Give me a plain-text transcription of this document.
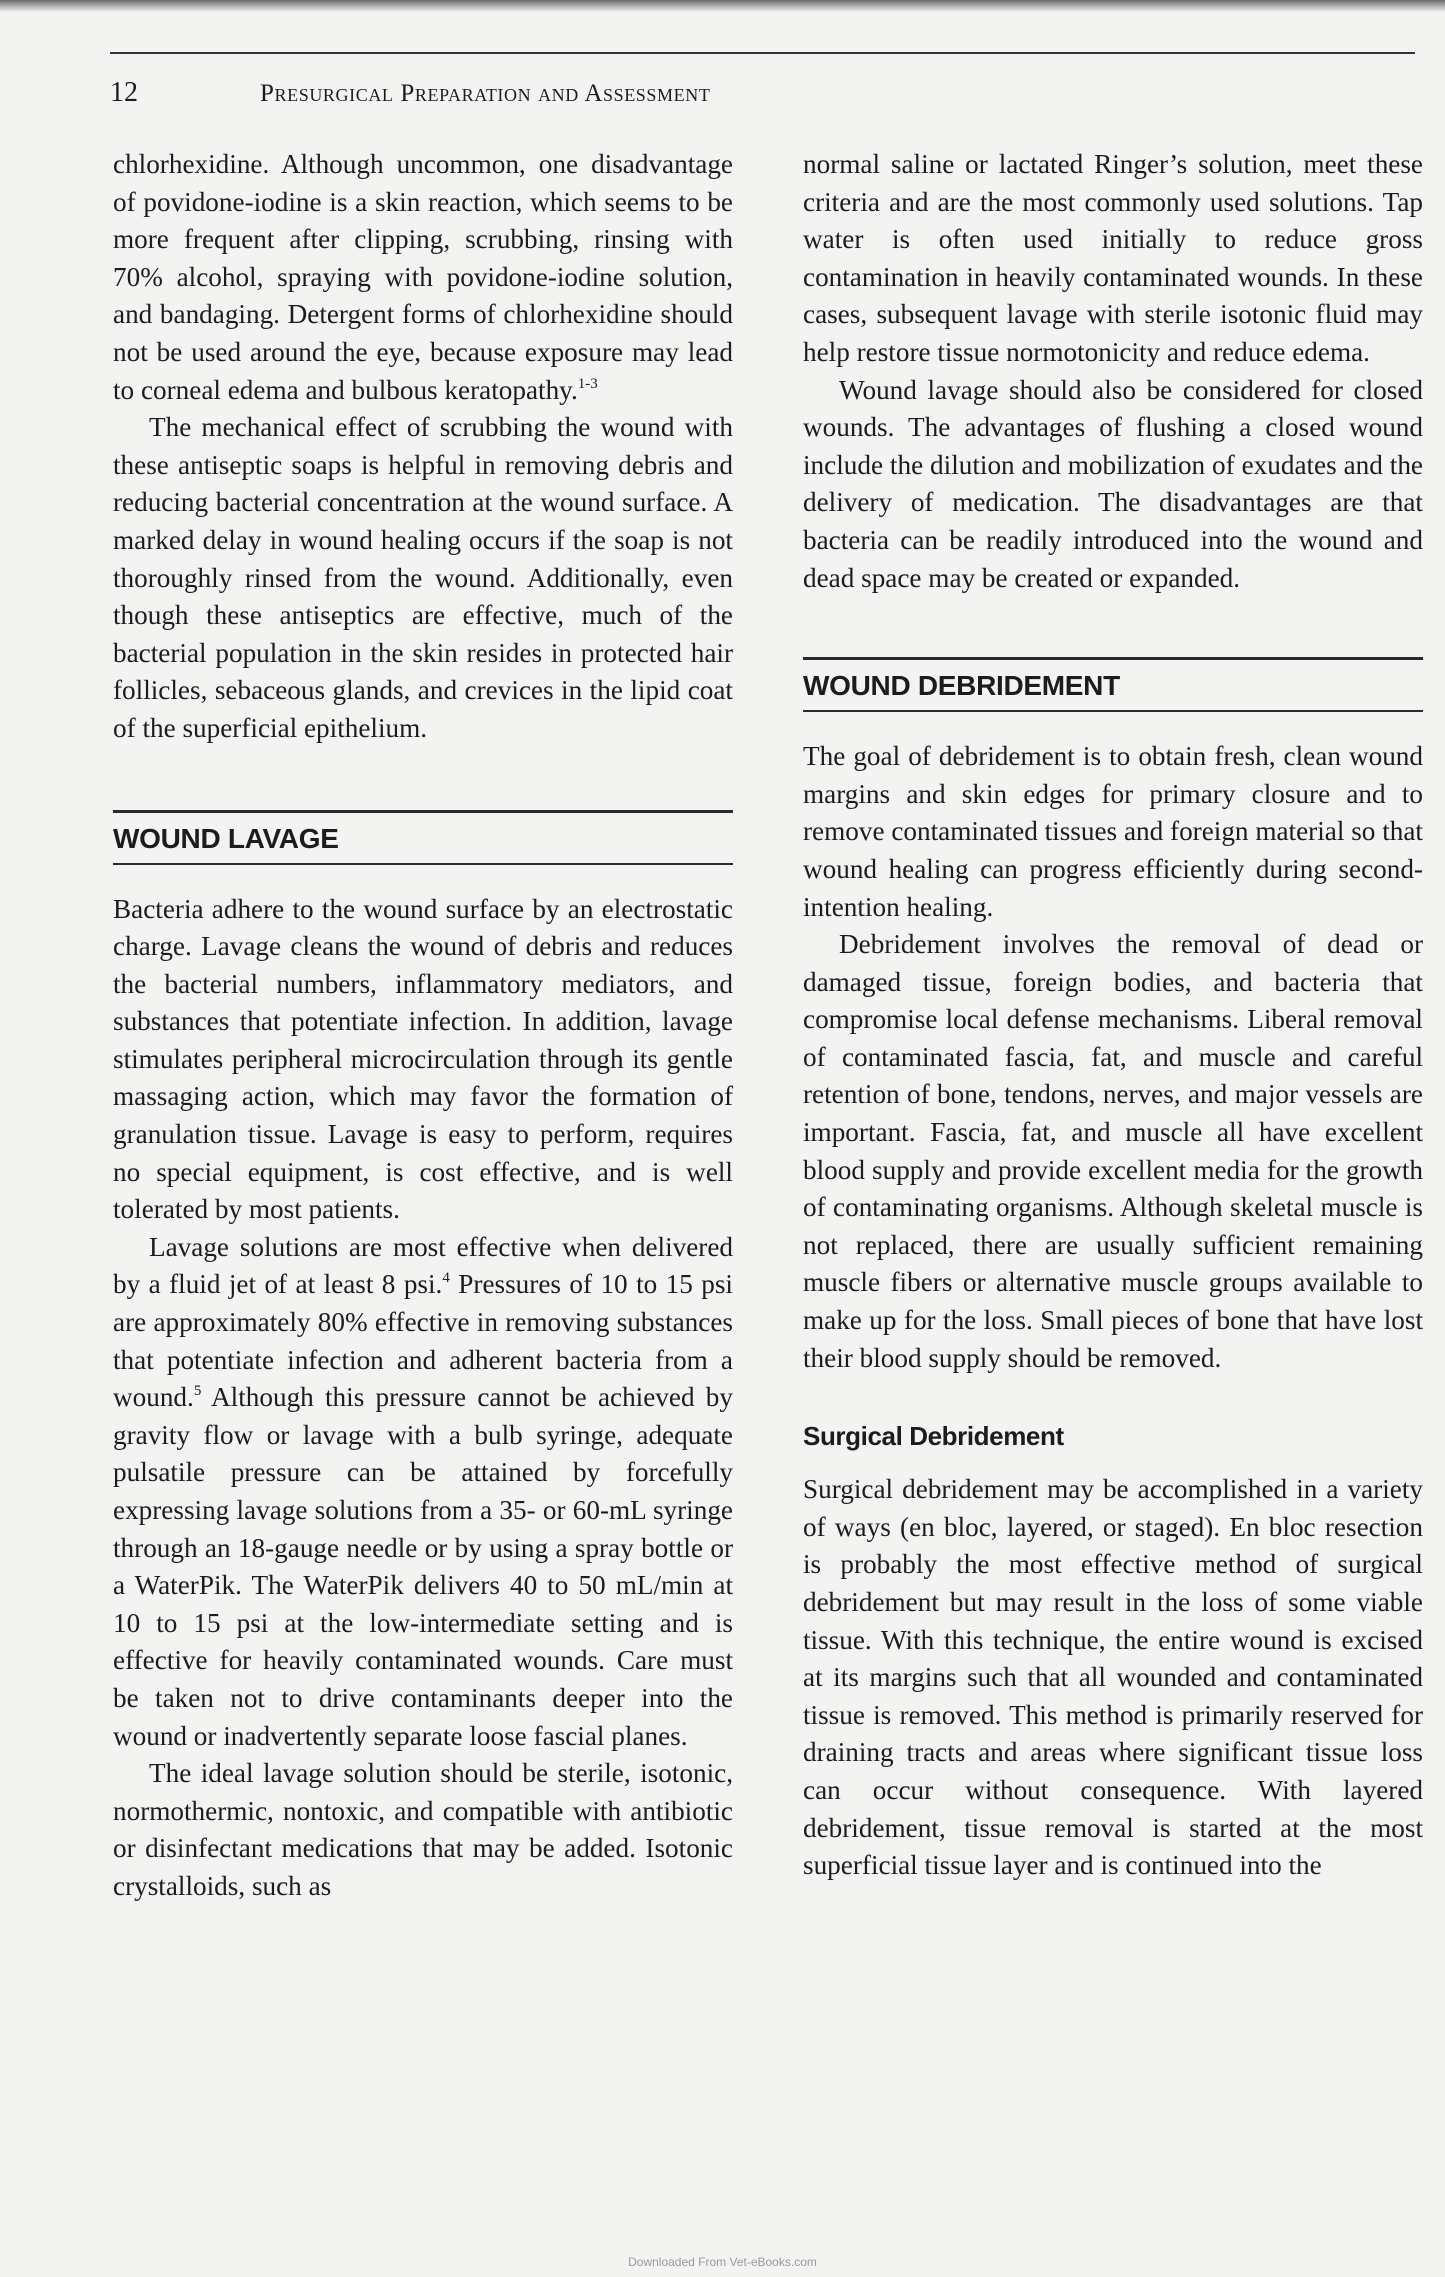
12	Presurgical Preparation and Assessment

chlorhexidine. Although uncommon, one disadvantage of povidone-iodine is a skin reaction, which seems to be more frequent after clipping, scrubbing, rinsing with 70% alcohol, spraying with povidone-iodine solution, and bandaging. Detergent forms of chlorhexidine should not be used around the eye, because exposure may lead to corneal edema and bulbous keratopathy.$^{1-3}$

The mechanical effect of scrubbing the wound with these antiseptic soaps is helpful in removing debris and reducing bacterial concentration at the wound surface. A marked delay in wound healing occurs if the soap is not thoroughly rinsed from the wound. Additionally, even though these antiseptics are effective, much of the bacterial population in the skin resides in protected hair follicles, sebaceous glands, and crevices in the lipid coat of the superficial epithelium.

WOUND LAVAGE

Bacteria adhere to the wound surface by an electrostatic charge. Lavage cleans the wound of debris and reduces the bacterial numbers, inflammatory mediators, and substances that potentiate infection. In addition, lavage stimulates peripheral microcirculation through its gentle massaging action, which may favor the formation of granulation tissue. Lavage is easy to perform, requires no special equipment, is cost effective, and is well tolerated by most patients.

Lavage solutions are most effective when delivered by a fluid jet of at least 8 psi.$^4$ Pressures of 10 to 15 psi are approximately 80% effective in removing substances that potentiate infection and adherent bacteria from a wound.$^5$ Although this pressure cannot be achieved by gravity flow or lavage with a bulb syringe, adequate pulsatile pressure can be attained by forcefully expressing lavage solutions from a 35- or 60-mL syringe through an 18-gauge needle or by using a spray bottle or a WaterPik. The WaterPik delivers 40 to 50 mL/min at 10 to 15 psi at the low-intermediate setting and is effective for heavily contaminated wounds. Care must be taken not to drive contaminants deeper into the wound or inadvertently separate loose fascial planes.

The ideal lavage solution should be sterile, isotonic, normothermic, nontoxic, and compatible with antibiotic or disinfectant medications that may be added. Isotonic crystalloids, such as

normal saline or lactated Ringer’s solution, meet these criteria and are the most commonly used solutions. Tap water is often used initially to reduce gross contamination in heavily contaminated wounds. In these cases, subsequent lavage with sterile isotonic fluid may help restore tissue normotonicity and reduce edema.

Wound lavage should also be considered for closed wounds. The advantages of flushing a closed wound include the dilution and mobilization of exudates and the delivery of medication. The disadvantages are that bacteria can be readily introduced into the wound and dead space may be created or expanded.

WOUND DEBRIDEMENT

The goal of debridement is to obtain fresh, clean wound margins and skin edges for primary closure and to remove contaminated tissues and foreign material so that wound healing can progress efficiently during second-intention healing.

Debridement involves the removal of dead or damaged tissue, foreign bodies, and bacteria that compromise local defense mechanisms. Liberal removal of contaminated fascia, fat, and muscle and careful retention of bone, tendons, nerves, and major vessels are important. Fascia, fat, and muscle all have excellent blood supply and provide excellent media for the growth of contaminating organisms. Although skeletal muscle is not replaced, there are usually sufficient remaining muscle fibers or alternative muscle groups available to make up for the loss. Small pieces of bone that have lost their blood supply should be removed.

Surgical Debridement

Surgical debridement may be accomplished in a variety of ways (en bloc, layered, or staged). En bloc resection is probably the most effective method of surgical debridement but may result in the loss of some viable tissue. With this technique, the entire wound is excised at its margins such that all wounded and contaminated tissue is removed. This method is primarily reserved for draining tracts and areas where significant tissue loss can occur without consequence. With layered debridement, tissue removal is started at the most superficial tissue layer and is continued into the

Downloaded From Vet-eBooks.com
